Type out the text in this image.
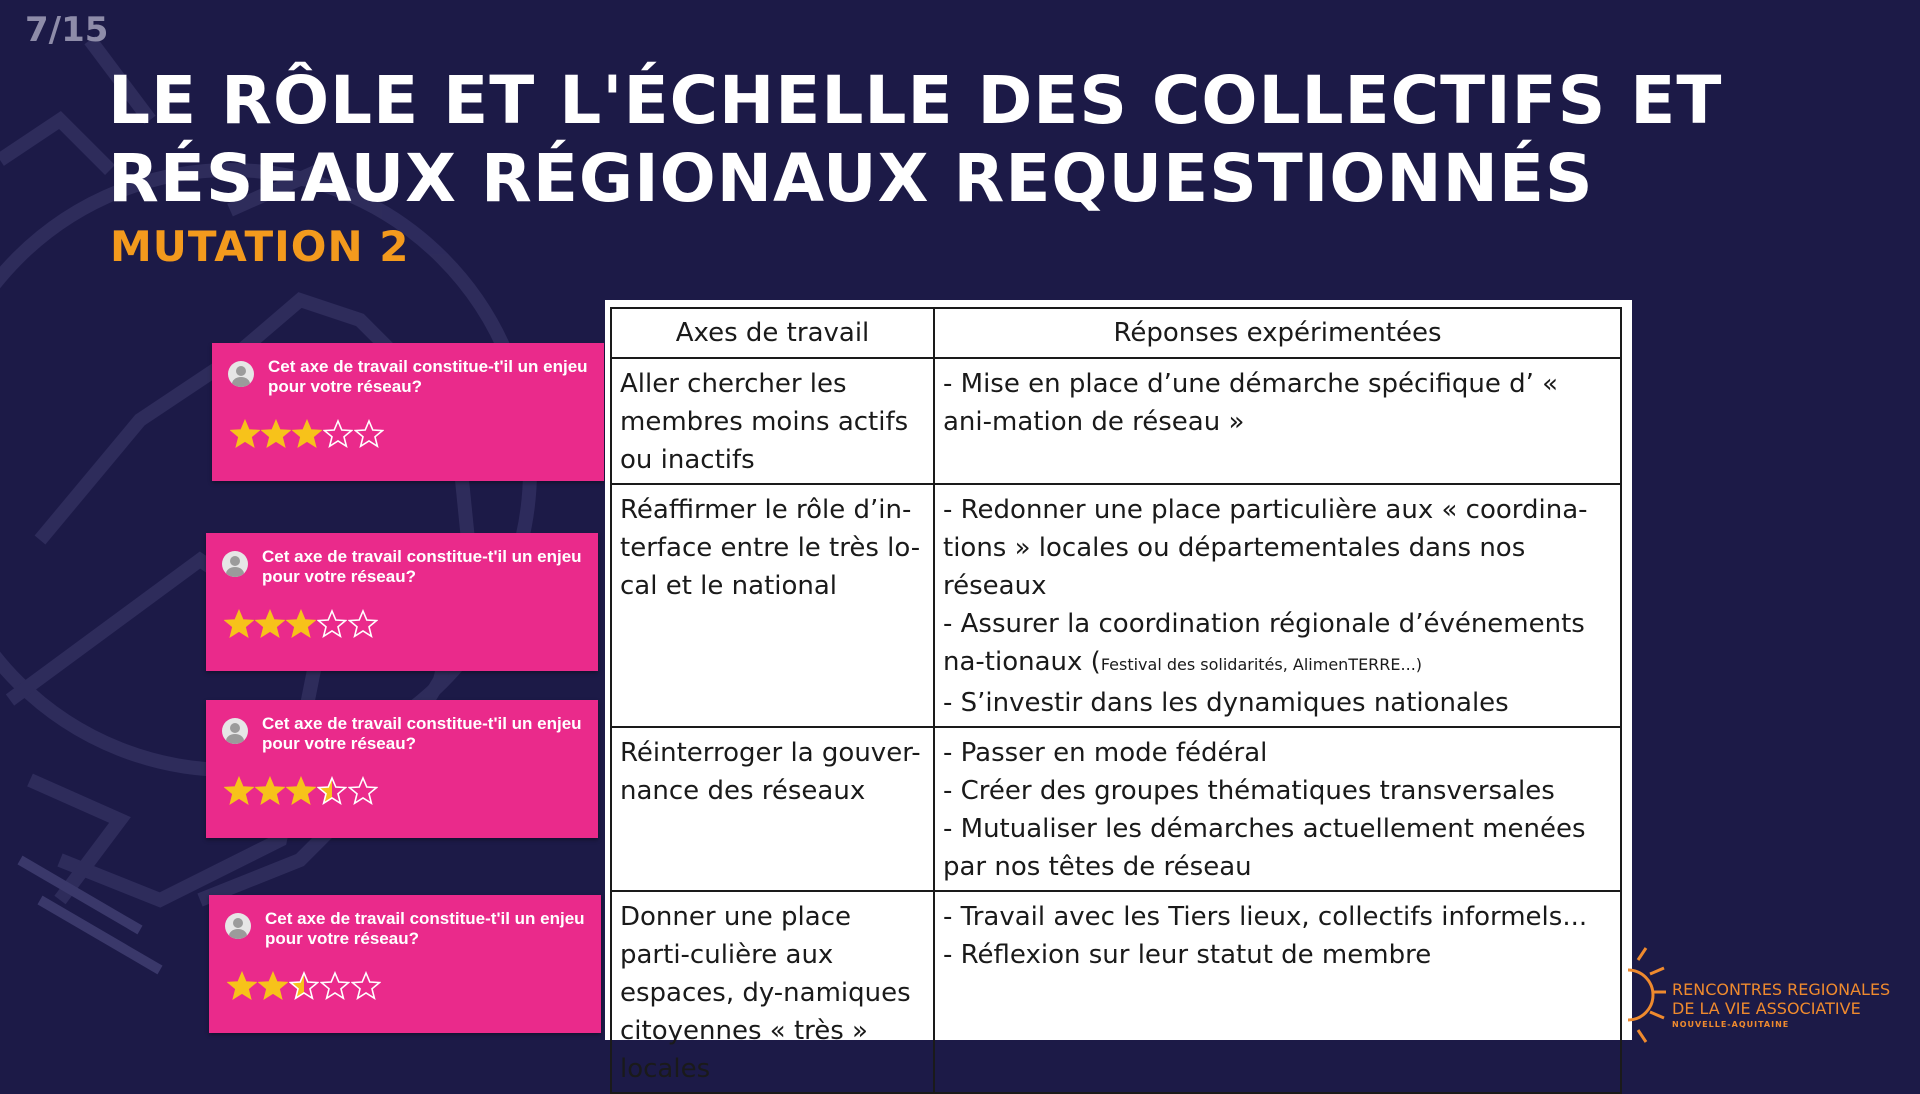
7/15
LE RÔLE ET L'ÉCHELLE DES COLLECTIFS ET RÉSEAUX RÉGIONAUX REQUESTIONNÉS
MUTATION 2
Cet axe de travail constitue-t'il un enjeu pour votre réseau?
Cet axe de travail constitue-t'il un enjeu pour votre réseau?
Cet axe de travail constitue-t'il un enjeu pour votre réseau?
Cet axe de travail constitue-t'il un enjeu pour votre réseau?
Axes de travail	Réponses expérimentées
Aller chercher les membres moins actifs ou inactifs	- Mise en place d’une démarche spécifique d’ « ani-mation de réseau »

Réaffirmer le rôle d’in-terface entre le très lo-cal et le national	- Redonner une place particulière aux « coordina-tions » locales ou départementales dans nos réseaux
- Assurer la coordination régionale d’événements na-tionaux (Festival des solidarités, AlimenTERRE...)
- S’investir dans les dynamiques nationales

Réinterroger la gouver-nance des réseaux	- Passer en mode fédéral
- Créer des groupes thématiques transversales
- Mutualiser les démarches actuellement menées par nos têtes de réseau

Donner une place parti-culière aux espaces, dy-namiques citoyennes « très » locales	- Travail avec les Tiers lieux, collectifs informels...
- Réflexion sur leur statut de membre
RENCONTRES REGIONALES
DE LA VIE ASSOCIATIVE
NOUVELLE-AQUITAINE
